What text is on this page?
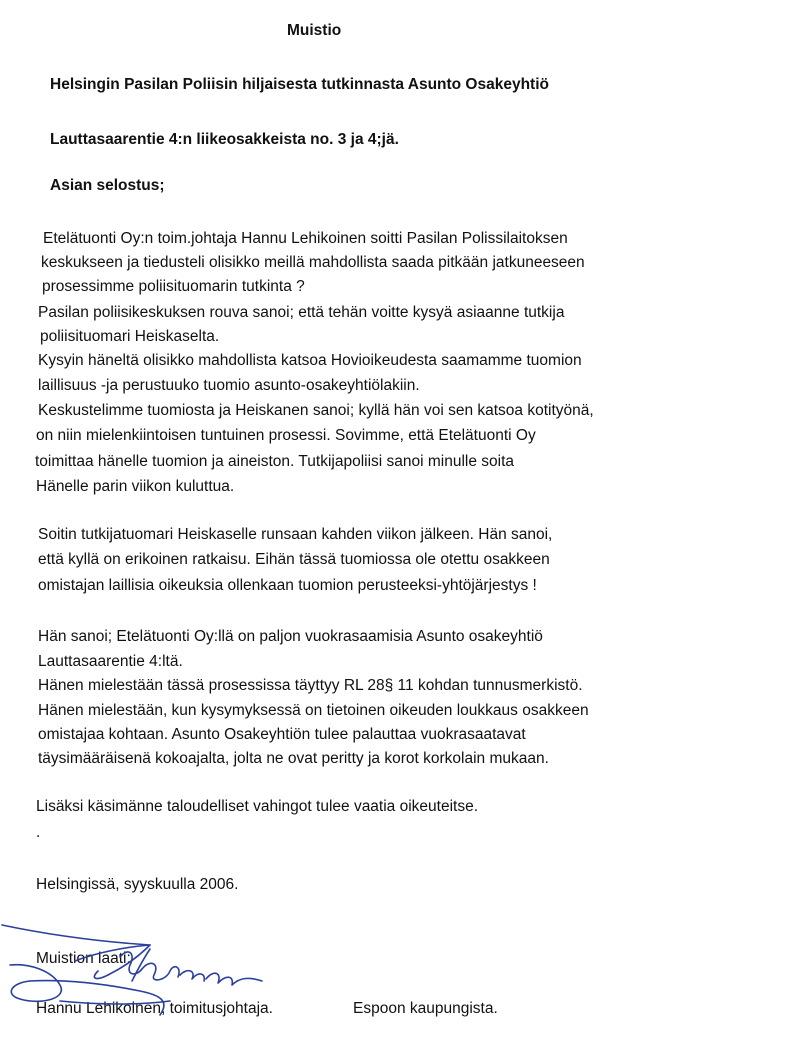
Muistio
Helsingin Pasilan Poliisin hiljaisesta tutkinnasta Asunto Osakeyhtiö
Lauttasaarentie 4:n liikeosakkeista no. 3 ja 4;jä.
Asian selostus;
Etelätuonti Oy:n toim.johtaja Hannu Lehikoinen soitti Pasilan Polissilaitoksen
keskukseen ja tiedusteli olisikko meillä mahdollista saada pitkään jatkuneeseen
prosessimme poliisituomarin tutkinta ?
Pasilan poliisikeskuksen rouva sanoi; että tehän voitte kysyä asiaanne tutkija
poliisituomari Heiskaselta.
Kysyin häneltä olisikko mahdollista katsoa Hovioikeudesta saamamme tuomion
laillisuus -ja perustuuko tuomio asunto-osakeyhtiölakiin.
Keskustelimme tuomiosta ja Heiskanen sanoi; kyllä hän voi sen katsoa kotityönä,
on niin mielenkiintoisen tuntuinen prosessi. Sovimme, että Etelätuonti Oy
toimittaa hänelle tuomion ja aineiston. Tutkijapoliisi sanoi minulle soita
Hänelle parin viikon kuluttua.
Soitin tutkijatuomari Heiskaselle runsaan kahden viikon jälkeen. Hän sanoi,
että kyllä on erikoinen ratkaisu. Eihän tässä tuomiossa ole otettu osakkeen
omistajan laillisia oikeuksia ollenkaan tuomion perusteeksi-yhtöjärjestys !
Hän sanoi; Etelätuonti Oy:llä on paljon vuokrasaamisia Asunto osakeyhtiö
Lauttasaarentie 4:ltä.
Hänen mielestään tässä prosessissa täyttyy RL 28§ 11 kohdan tunnusmerkistö.
Hänen mielestään, kun kysymyksessä on tietoinen oikeuden loukkaus osakkeen
omistajaa kohtaan. Asunto Osakeyhtiön tulee palauttaa vuokrasaatavat
täysimääräisenä kokoajalta, jolta ne ovat peritty ja korot korkolain mukaan.
Lisäksi käsimänne taloudelliset vahingot tulee vaatia oikeuteitse.
.
Helsingissä, syyskuulla 2006.
Muistion laati:
Hannu Lehikoinen, toimitusjohtaja.	Espoon kaupungista.
